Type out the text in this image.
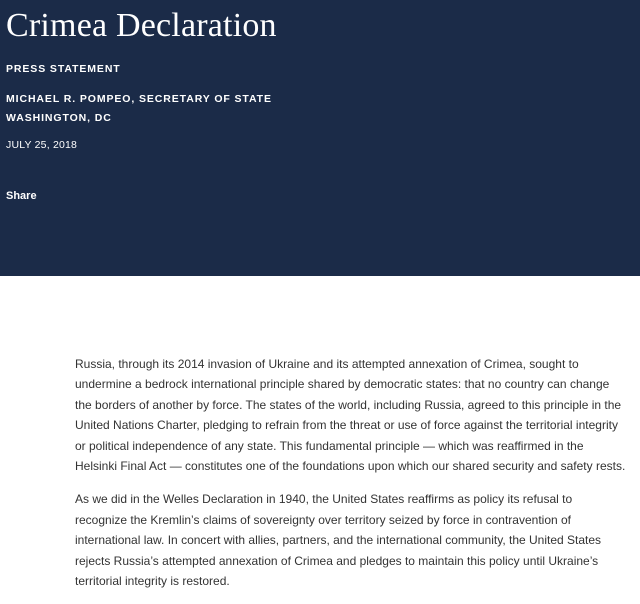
Crimea Declaration
PRESS STATEMENT
MICHAEL R. POMPEO, SECRETARY OF STATE
WASHINGTON, DC
JULY 25, 2018
Share

Russia, through its 2014 invasion of Ukraine and its attempted annexation of Crimea, sought to undermine a bedrock international principle shared by democratic states: that no country can change the borders of another by force. The states of the world, including Russia, agreed to this principle in the United Nations Charter, pledging to refrain from the threat or use of force against the territorial integrity or political independence of any state. This fundamental principle — which was reaffirmed in the Helsinki Final Act — constitutes one of the foundations upon which our shared security and safety rests.

As we did in the Welles Declaration in 1940, the United States reaffirms as policy its refusal to recognize the Kremlin’s claims of sovereignty over territory seized by force in contravention of international law. In concert with allies, partners, and the international community, the United States rejects Russia’s attempted annexation of Crimea and pledges to maintain this policy until Ukraine’s territorial integrity is restored.
